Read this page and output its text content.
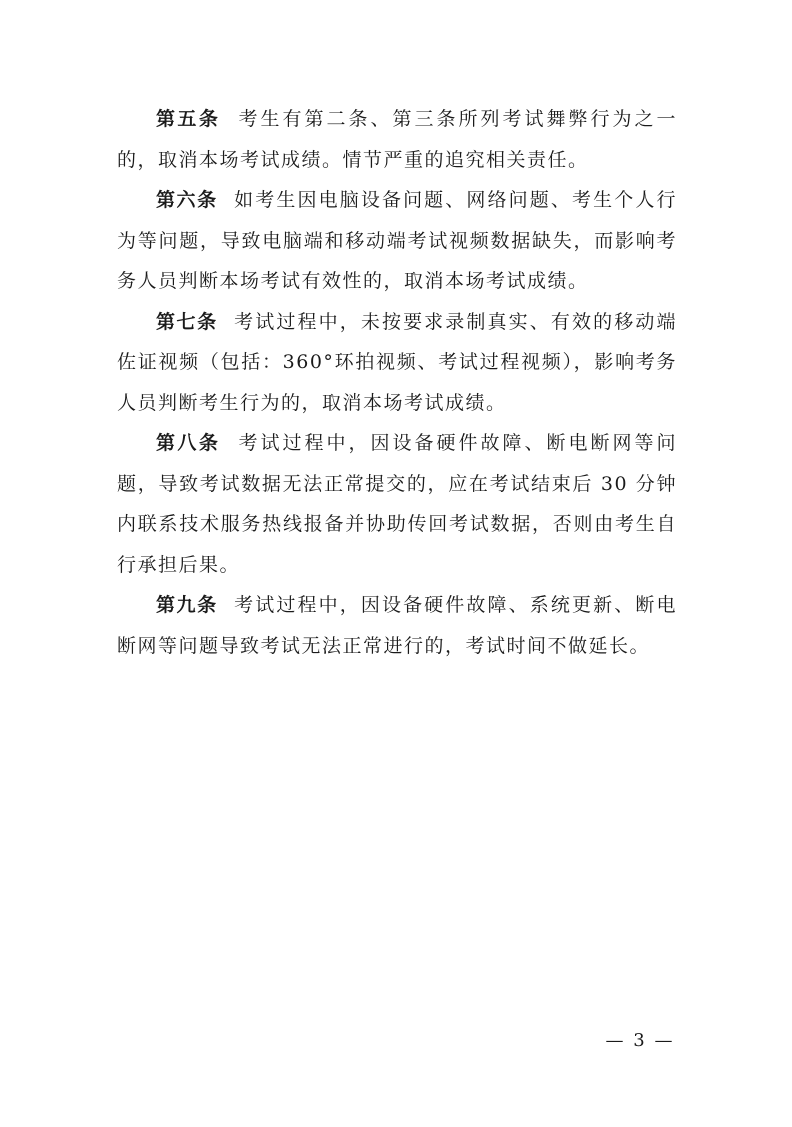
第五条 考生有第二条、第三条所列考试舞弊行为之一的，取消本场考试成绩。情节严重的追究相关责任。

第六条 如考生因电脑设备问题、网络问题、考生个人行为等问题，导致电脑端和移动端考试视频数据缺失，而影响考务人员判断本场考试有效性的，取消本场考试成绩。

第七条 考试过程中，未按要求录制真实、有效的移动端佐证视频（包括：360°环拍视频、考试过程视频），影响考务人员判断考生行为的，取消本场考试成绩。

第八条 考试过程中，因设备硬件故障、断电断网等问题，导致考试数据无法正常提交的，应在考试结束后 30 分钟内联系技术服务热线报备并协助传回考试数据，否则由考生自行承担后果。

第九条 考试过程中，因设备硬件故障、系统更新、断电断网等问题导致考试无法正常进行的，考试时间不做延长。

— 3 —
